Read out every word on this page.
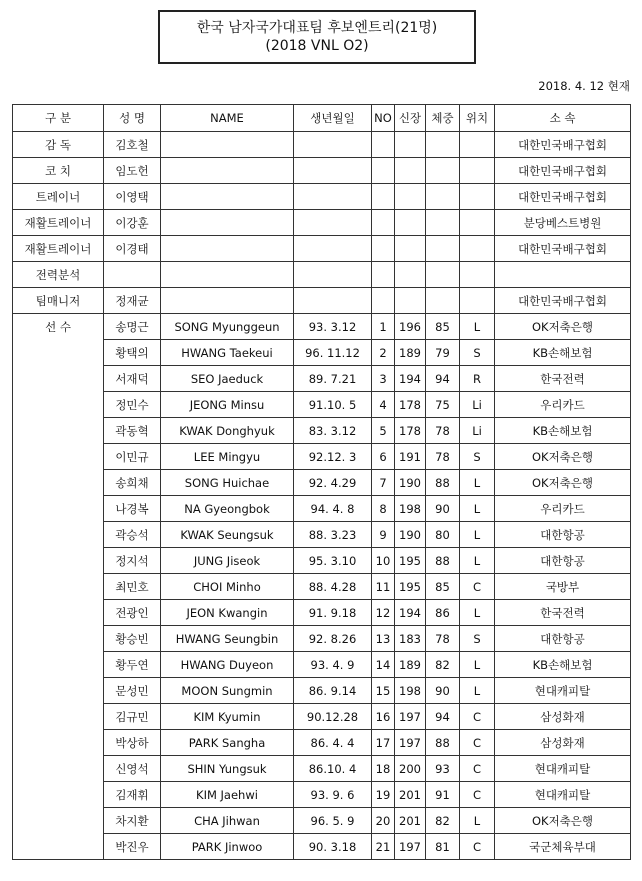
한국 남자국가대표팀 후보엔트리(21명)
(2018 VNL O2)
2018. 4. 12 현재
구 분	성 명	NAME	생년월일	NO	신장	체중	위치	소 속
감 독	김호철							대한민국배구협회
코 치	임도헌							대한민국배구협회
트레이너	이영택							대한민국배구협회
재활트레이너	이강훈							분당베스트병원
재활트레이너	이경태							대한민국배구협회
전력분석								
팀매니저	정재균							대한민국배구협회
선 수	송명근	SONG Myunggeun	93. 3.12	1	196	85	L	OK저축은행
	황택의	HWANG Taekeui	96. 11.12	2	189	79	S	KB손해보험
	서재덕	SEO Jaeduck	89. 7.21	3	194	94	R	한국전력
	정민수	JEONG Minsu	91.10. 5	4	178	75	Li	우리카드
	곽동혁	KWAK Donghyuk	83. 3.12	5	178	78	Li	KB손해보험
	이민규	LEE Mingyu	92.12. 3	6	191	78	S	OK저축은행
	송희채	SONG Huichae	92. 4.29	7	190	88	L	OK저축은행
	나경복	NA Gyeongbok	94. 4. 8	8	198	90	L	우리카드
	곽승석	KWAK Seungsuk	88. 3.23	9	190	80	L	대한항공
	정지석	JUNG Jiseok	95. 3.10	10	195	88	L	대한항공
	최민호	CHOI Minho	88. 4.28	11	195	85	C	국방부
	전광인	JEON Kwangin	91. 9.18	12	194	86	L	한국전력
	황승빈	HWANG Seungbin	92. 8.26	13	183	78	S	대한항공
	황두연	HWANG Duyeon	93. 4. 9	14	189	82	L	KB손해보험
	문성민	MOON Sungmin	86. 9.14	15	198	90	L	현대캐피탈
	김규민	KIM Kyumin	90.12.28	16	197	94	C	삼성화재
	박상하	PARK Sangha	86. 4. 4	17	197	88	C	삼성화재
	신영석	SHIN Yungsuk	86.10. 4	18	200	93	C	현대캐피탈
	김재휘	KIM Jaehwi	93. 9. 6	19	201	91	C	현대캐피탈
	차지환	CHA Jihwan	96. 5. 9	20	201	82	L	OK저축은행
	박진우	PARK Jinwoo	90. 3.18	21	197	81	C	국군체육부대
